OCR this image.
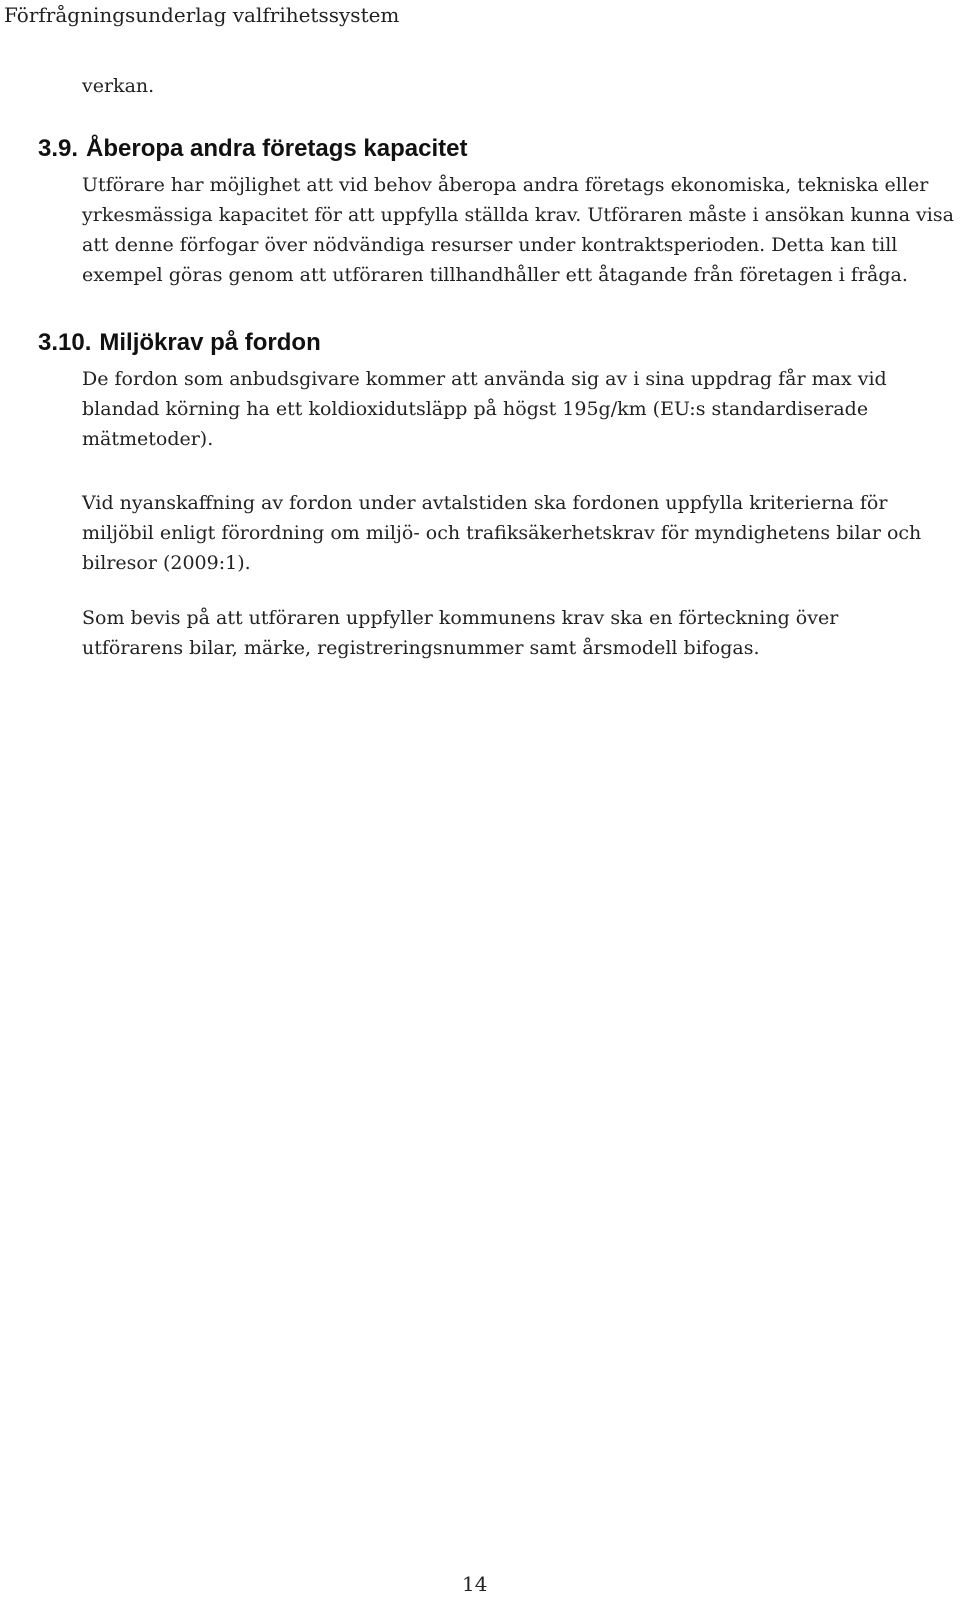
Förfrågningsunderlag valfrihetssystem
verkan.
3.9. Åberopa andra företags kapacitet
Utförare har möjlighet att vid behov åberopa andra företags ekonomiska, tekniska eller
yrkesmässiga kapacitet för att uppfylla ställda krav. Utföraren måste i ansökan kunna visa
att denne förfogar över nödvändiga resurser under kontraktsperioden. Detta kan till
exempel göras genom att utföraren tillhandhåller ett åtagande från företagen i fråga.
3.10. Miljökrav på fordon
De fordon som anbudsgivare kommer att använda sig av i sina uppdrag får max vid
blandad körning ha ett koldioxidutsläpp på högst 195g/km (EU:s standardiserade
mätmetoder).
Vid nyanskaffning av fordon under avtalstiden ska fordonen uppfylla kriterierna för
miljöbil enligt förordning om miljö- och trafiksäkerhetskrav för myndighetens bilar och
bilresor (2009:1).
Som bevis på att utföraren uppfyller kommunens krav ska en förteckning över
utförarens bilar, märke, registreringsnummer samt årsmodell bifogas.
14
